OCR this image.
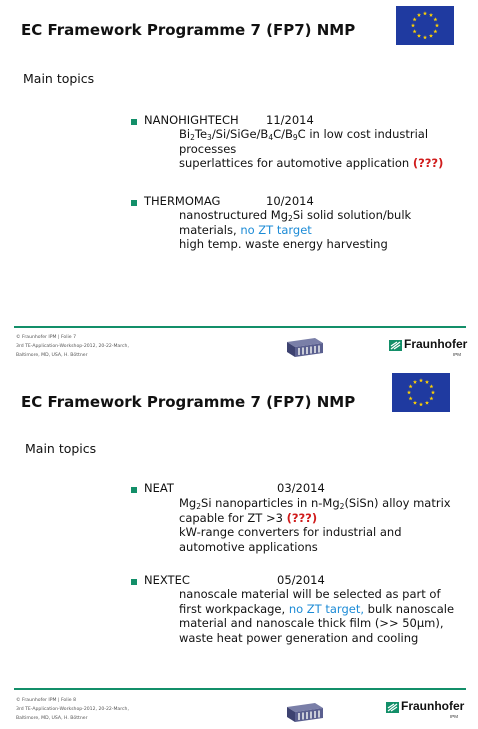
EC Framework Programme 7 (FP7) NMP
Main topics
NANOHIGHTECH 11/2014
$Bi_2Te_3/Si/SiGe/B_4C/B_9C$ in low cost industrial
processes
superlattices for automotive application (???)
THERMOMAG	10/2014
nanostructured $Mg_2Si$ solid solution/bulk
materials, no ZT target
high temp. waste energy harvesting
© Fraunhofer IPM | Folie 7
3rd TE-Application-Workshop-2012, 20-22-March,
Baltimore, MD, USA, H. Böttner
Fraunhofer
IPM
EC Framework Programme 7 (FP7) NMP
Main topics
NEAT	03/2014
$Mg_2Si$ nanoparticles in $n-Mg_2(SiSn)$ alloy matrix
capable for ZT >3 (???)
kW-range converters for industrial and
automotive applications
NEXTEC	05/2014
nanoscale material will be selected as part of
first workpackage, no ZT target, bulk nanoscale
material and nanoscale thick film (>> 50µm),
waste heat power generation and cooling
© Fraunhofer IPM | Folie 8
3rd TE-Application-Workshop-2012, 20-22-March,
Baltimore, MD, USA, H. Böttner
Fraunhofer
IPM
